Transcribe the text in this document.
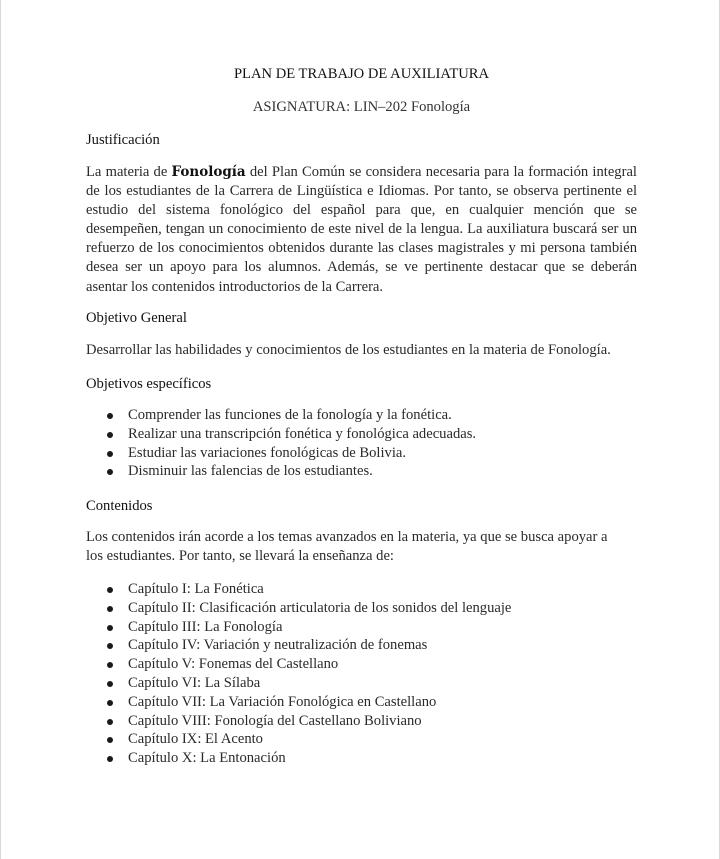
PLAN DE TRABAJO DE AUXILIATURA
ASIGNATURA: LIN–202 Fonología
Justificación

La materia de Fonología del Plan Común se considera necesaria para la formación integral de los estudiantes de la Carrera de Lingüística e Idiomas. Por tanto, se observa pertinente el estudio del sistema fonológico del español para que, en cualquier mención que se desempeñen, tengan un conocimiento de este nivel de la lengua. La auxiliatura buscará ser un refuerzo de los conocimientos obtenidos durante las clases magistrales y mi persona también desea ser un apoyo para los alumnos. Además, se ve pertinente destacar que se deberán asentar los contenidos introductorios de la Carrera.

Objetivo General

Desarrollar las habilidades y conocimientos de los estudiantes en la materia de Fonología.

Objetivos específicos
Comprender las funciones de la fonología y la fonética.
Realizar una transcripción fonética y fonológica adecuadas.
Estudiar las variaciones fonológicas de Bolivia.
Disminuir las falencias de los estudiantes.
Contenidos

Los contenidos irán acorde a los temas avanzados en la materia, ya que se busca apoyar a los estudiantes. Por tanto, se llevará la enseñanza de:

Capítulo I: La Fonética
Capítulo II: Clasificación articulatoria de los sonidos del lenguaje
Capítulo III: La Fonología
Capítulo IV: Variación y neutralización de fonemas
Capítulo V: Fonemas del Castellano
Capítulo VI: La Sílaba
Capítulo VII: La Variación Fonológica en Castellano
Capítulo VIII: Fonología del Castellano Boliviano
Capítulo IX: El Acento
Capítulo X: La Entonación
